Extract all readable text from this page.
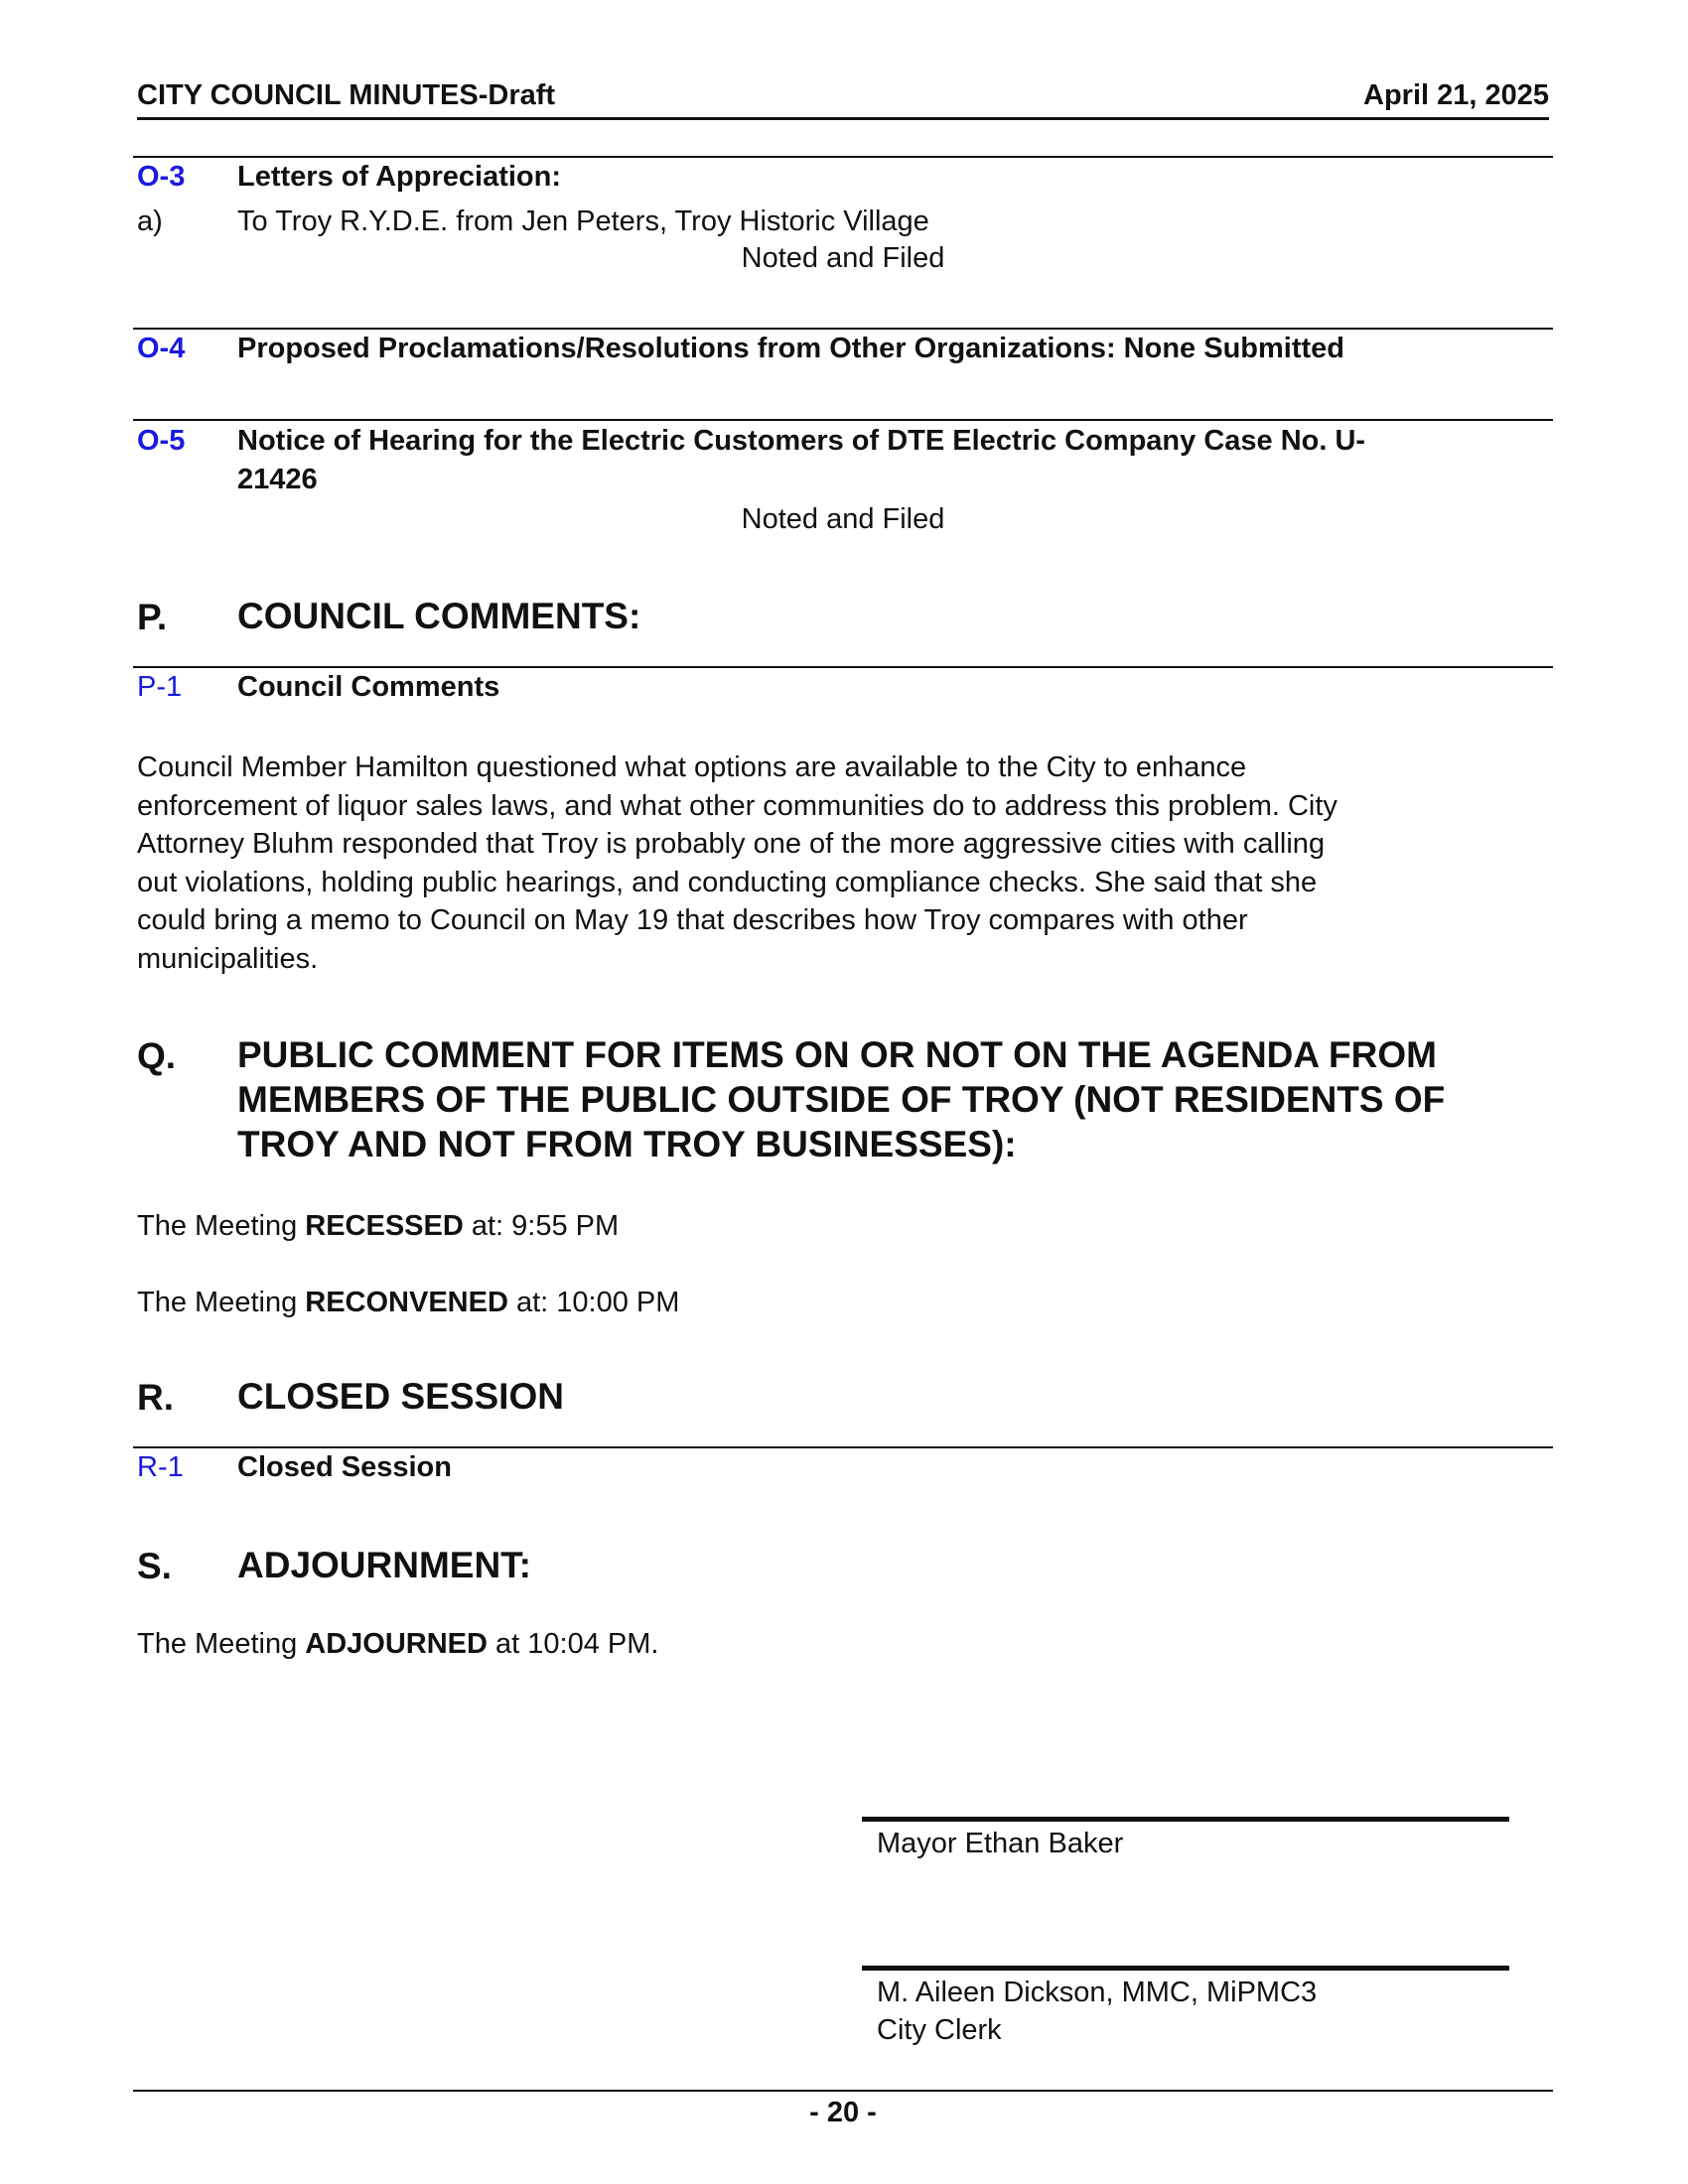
CITY COUNCIL MINUTES-Draft	April 21, 2025
O-3 Letters of Appreciation:
a)	To Troy R.Y.D.E. from Jen Peters, Troy Historic Village
Noted and Filed
O-4 Proposed Proclamations/Resolutions from Other Organizations: None Submitted
O-5 Notice of Hearing for the Electric Customers of DTE Electric Company Case No. U-
21426
Noted and Filed
P. COUNCIL COMMENTS:
P-1 Council Comments
Council Member Hamilton questioned what options are available to the City to enhance
enforcement of liquor sales laws, and what other communities do to address this problem. City
Attorney Bluhm responded that Troy is probably one of the more aggressive cities with calling
out violations, holding public hearings, and conducting compliance checks. She said that she
could bring a memo to Council on May 19 that describes how Troy compares with other
municipalities.
Q. PUBLIC COMMENT FOR ITEMS ON OR NOT ON THE AGENDA FROM
MEMBERS OF THE PUBLIC OUTSIDE OF TROY (NOT RESIDENTS OF
TROY AND NOT FROM TROY BUSINESSES):
The Meeting RECESSED at: 9:55 PM
The Meeting RECONVENED at: 10:00 PM
R. CLOSED SESSION
R-1 Closed Session
S. ADJOURNMENT:
The Meeting ADJOURNED at 10:04 PM.
Mayor Ethan Baker
M. Aileen Dickson, MMC, MiPMC3
City Clerk
- 20 -
